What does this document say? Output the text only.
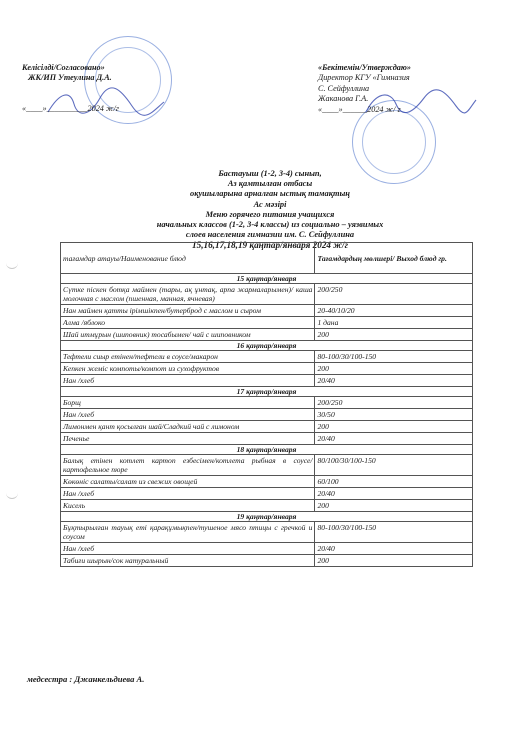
Келісілді/Согласовано»
ЖК/ИП Утеулина Д.А.
«____»__________2024 ж/г
«Бекітемін/Утверждаю»
Директор КГУ «Гимназия
С. Сейфуллина
Жаканова Г.А.
«____»______2024 ж/ г
Бастауыш (1-2, 3-4) сынып,
Аз қамтылған отбасы
оқушыларына арналған ыстық тамақтың
Ас мәзірі
Меню горячего питания учащихся
начальных классов (1-2, 3-4 классы) из социально – уязвимых
слоев населения гимназии им. С. Сейфуллина
15,16,17,18,19 қаңтар/января 2024 ж/г
тағамдар атауы/Наименование блюд	Тағамдардың мөлшері/ Выход блюд гр.
15 қаңтар/января	
Сүтке піскен ботқа маймен (тары, ақ ұнтақ, арпа жармаларымен)/ каша молочная с маслом (пшенная, манная, ячневая)	200/250
Нан маймен қатты ірімшікпен/бутерброд с маслом и сыром	20-40/10/20
Алма /яблоко	1 дана
Шай итмұрын (шиповник) тосабымен/ чай с шиповником	200
16 қаңтар/января	
Тефтели сиыр етінен/тефтели в соусе/макарон	80-100/30/100-150
Кепкен жеміс компоты/компот из сухофруктов	200
Нан /хлеб	20/40
17 қаңтар/января	
Борщ	200/250
Нан /хлеб	30/50
Лимонмен қант қосылған шай/Сладкий чай с лимоном	200
Печенье	20/40
18 қаңтар/января	
Балық етінен котлет картоп езбесімен/котлета рыбная в соусе/картофельное пюре	80/100/30/100-150
Көкөніс салаты/салат из свежих овощей	60/100
Нан /хлеб	20/40
Кисель	200
19 қаңтар/января	
Бұқтырылған тауық еті қарақұмықпен/тушеное мясо птицы с гречкой и соусом	80-100/30/100-150
Нан /хлеб	20/40
Табиғи шырын/сок натуральный	200
медсестра : Джанкельдиева А.
